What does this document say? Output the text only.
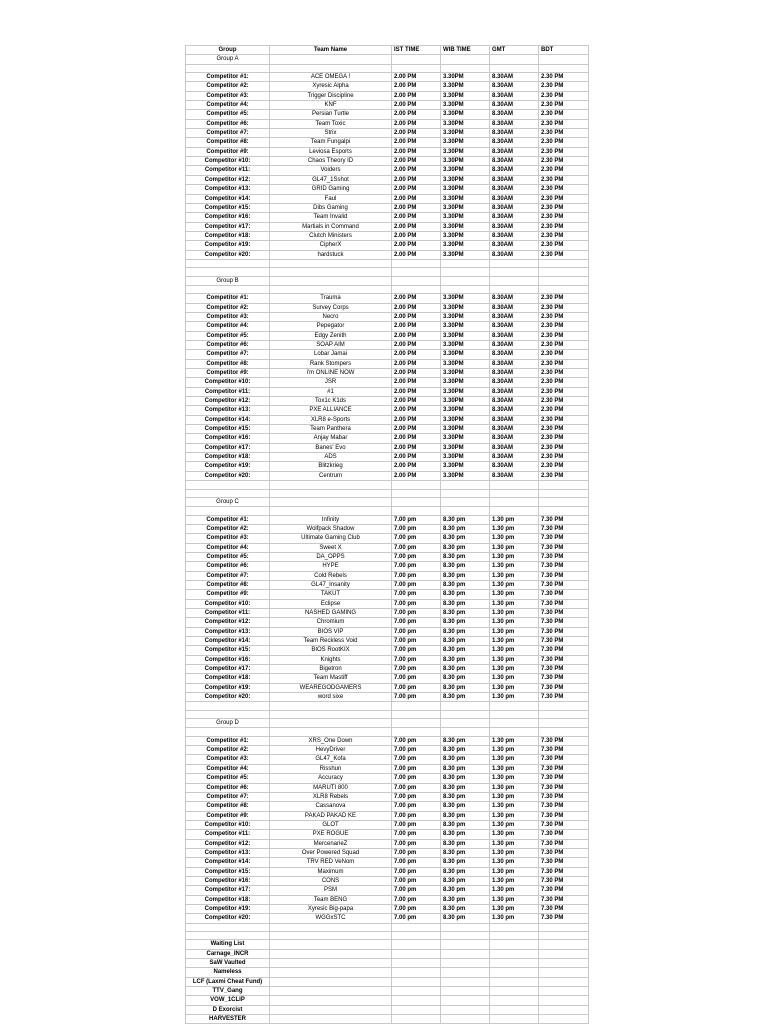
Group	Team Name	IST TIME	WIB TIME	GMT	BDT
Group A					

Competitor #1:	ACE OMEGA !	2.00 PM	3.30PM	8.30AM	2.30 PM
Competitor #2:	Xyresic Alpha	2.00 PM	3.30PM	8.30AM	2.30 PM
Competitor #3:	Trigger Discipline	2.00 PM	3.30PM	8.30AM	2.30 PM
Competitor #4:	KNF	2.00 PM	3.30PM	8.30AM	2.30 PM
Competitor #5:	Persian Turtle	2.00 PM	3.30PM	8.30AM	2.30 PM
Competitor #6:	Team Toxic	2.00 PM	3.30PM	8.30AM	2.30 PM
Competitor #7:	Strix	2.00 PM	3.30PM	8.30AM	2.30 PM
Competitor #8:	Team Fungalpi	2.00 PM	3.30PM	8.30AM	2.30 PM
Competitor #9:	Leviosa Esports	2.00 PM	3.30PM	8.30AM	2.30 PM
Competitor #10:	Chaos Theory ID	2.00 PM	3.30PM	8.30AM	2.30 PM
Competitor #11:	Voiders	2.00 PM	3.30PM	8.30AM	2.30 PM
Competitor #12:	GL47_1Sshot	2.00 PM	3.30PM	8.30AM	2.30 PM
Competitor #13:	GRID Gaming	2.00 PM	3.30PM	8.30AM	2.30 PM
Competitor #14:	Faul	2.00 PM	3.30PM	8.30AM	2.30 PM
Competitor #15:	Dibs Gaming	2.00 PM	3.30PM	8.30AM	2.30 PM
Competitor #16:	Team Invalid	2.00 PM	3.30PM	8.30AM	2.30 PM
Competitor #17:	Martials in Command	2.00 PM	3.30PM	8.30AM	2.30 PM
Competitor #18:	Clutch Ministers	2.00 PM	3.30PM	8.30AM	2.30 PM
Competitor #19:	CipherX	2.00 PM	3.30PM	8.30AM	2.30 PM
Competitor #20:	hardstuck	2.00 PM	3.30PM	8.30AM	2.30 PM

Group B					

Competitor #1:	Trauma	2.00 PM	3.30PM	8.30AM	2.30 PM
Competitor #2:	Survey Corps	2.00 PM	3.30PM	8.30AM	2.30 PM
Competitor #3:	Necro	2.00 PM	3.30PM	8.30AM	2.30 PM
Competitor #4:	Pepegator	2.00 PM	3.30PM	8.30AM	2.30 PM
Competitor #5:	Edgy Zenith	2.00 PM	3.30PM	8.30AM	2.30 PM
Competitor #6:	SOAP AIM	2.00 PM	3.30PM	8.30AM	2.30 PM
Competitor #7:	Lobar Jamai	2.00 PM	3.30PM	8.30AM	2.30 PM
Competitor #8:	Rank Stompers	2.00 PM	3.30PM	8.30AM	2.30 PM
Competitor #9:	i'm ONLINE NOW	2.00 PM	3.30PM	8.30AM	2.30 PM
Competitor #10:	JSR	2.00 PM	3.30PM	8.30AM	2.30 PM
Competitor #11:	#1	2.00 PM	3.30PM	8.30AM	2.30 PM
Competitor #12:	Tox1c K1ds	2.00 PM	3.30PM	8.30AM	2.30 PM
Competitor #13:	PXE ALLIANCE	2.00 PM	3.30PM	8.30AM	2.30 PM
Competitor #14:	XLR8 e-Sports	2.00 PM	3.30PM	8.30AM	2.30 PM
Competitor #15:	Team Panthera	2.00 PM	3.30PM	8.30AM	2.30 PM
Competitor #16:	Anjay Mabar	2.00 PM	3.30PM	8.30AM	2.30 PM
Competitor #17:	Banes' Evo	2.00 PM	3.30PM	8.30AM	2.30 PM
Competitor #18:	ADS	2.00 PM	3.30PM	8.30AM	2.30 PM
Competitor #19:	Blitzkrieg	2.00 PM	3.30PM	8.30AM	2.30 PM
Competitor #20:	Centrum	2.00 PM	3.30PM	8.30AM	2.30 PM

Group C					

Competitor #1:	Infinity	7.00 pm	8.30 pm	1.30 pm	7.30 PM
Competitor #2:	Wolfpack Shadow	7.00 pm	8.30 pm	1.30 pm	7.30 PM
Competitor #3:	Ultimate Gaming Club	7.00 pm	8.30 pm	1.30 pm	7.30 PM
Competitor #4:	Sweet X	7.00 pm	8.30 pm	1.30 pm	7.30 PM
Competitor #5:	DA_OPPS	7.00 pm	8.30 pm	1.30 pm	7.30 PM
Competitor #6:	HYPE	7.00 pm	8.30 pm	1.30 pm	7.30 PM
Competitor #7:	Cold Rebels	7.00 pm	8.30 pm	1.30 pm	7.30 PM
Competitor #8:	GL47_Insanity	7.00 pm	8.30 pm	1.30 pm	7.30 PM
Competitor #9:	TAKUT	7.00 pm	8.30 pm	1.30 pm	7.30 PM
Competitor #10:	Eclipse	7.00 pm	8.30 pm	1.30 pm	7.30 PM
Competitor #11:	NASHED GAMING	7.00 pm	8.30 pm	1.30 pm	7.30 PM
Competitor #12:	Chromium	7.00 pm	8.30 pm	1.30 pm	7.30 PM
Competitor #13:	BIOS VIP	7.00 pm	8.30 pm	1.30 pm	7.30 PM
Competitor #14:	Team Reckless Void	7.00 pm	8.30 pm	1.30 pm	7.30 PM
Competitor #15:	BIOS RootKIX	7.00 pm	8.30 pm	1.30 pm	7.30 PM
Competitor #16:	Knights	7.00 pm	8.30 pm	1.30 pm	7.30 PM
Competitor #17:	Bigetron	7.00 pm	8.30 pm	1.30 pm	7.30 PM
Competitor #18:	Team Mastiff	7.00 pm	8.30 pm	1.30 pm	7.30 PM
Competitor #19:	WEAREGODGAMERS	7.00 pm	8.30 pm	1.30 pm	7.30 PM
Competitor #20:	word sixe	7.00 pm	8.30 pm	1.30 pm	7.30 PM

Group D					

Competitor #1:	XRS_One Down	7.00 pm	8.30 pm	1.30 pm	7.30 PM
Competitor #2:	HevyDriver	7.00 pm	8.30 pm	1.30 pm	7.30 PM
Competitor #3:	GL47_Kofa	7.00 pm	8.30 pm	1.30 pm	7.30 PM
Competitor #4:	Risshun	7.00 pm	8.30 pm	1.30 pm	7.30 PM
Competitor #5:	Accuracy	7.00 pm	8.30 pm	1.30 pm	7.30 PM
Competitor #6:	MARUTI 800	7.00 pm	8.30 pm	1.30 pm	7.30 PM
Competitor #7:	XLR8 Rebels	7.00 pm	8.30 pm	1.30 pm	7.30 PM
Competitor #8:	Cassanova	7.00 pm	8.30 pm	1.30 pm	7.30 PM
Competitor #9:	PAKAD PAKAD KE	7.00 pm	8.30 pm	1.30 pm	7.30 PM
Competitor #10:	GLOT	7.00 pm	8.30 pm	1.30 pm	7.30 PM
Competitor #11:	PXE ROGUE	7.00 pm	8.30 pm	1.30 pm	7.30 PM
Competitor #12:	MercenarieZ	7.00 pm	8.30 pm	1.30 pm	7.30 PM
Competitor #13:	Over Powered Squad	7.00 pm	8.30 pm	1.30 pm	7.30 PM
Competitor #14:	TRV RED VeNom	7.00 pm	8.30 pm	1.30 pm	7.30 PM
Competitor #15:	Maximum	7.00 pm	8.30 pm	1.30 pm	7.30 PM
Competitor #16:	CONS	7.00 pm	8.30 pm	1.30 pm	7.30 PM
Competitor #17:	PSM	7.00 pm	8.30 pm	1.30 pm	7.30 PM
Competitor #18:	Team BENG	7.00 pm	8.30 pm	1.30 pm	7.30 PM
Competitor #19:	Xyresic Big-papa	7.00 pm	8.30 pm	1.30 pm	7.30 PM
Competitor #20:	WGGxSTC	7.00 pm	8.30 pm	1.30 pm	7.30 PM

Waiting List					
Carnage_INCR					
SaW Vaulted					
Nameless					
LCF (Laxmi Cheat Fund)					
TTV_Gang					
VOW_1CLIP					
D Exorcist					
HARVESTER					
